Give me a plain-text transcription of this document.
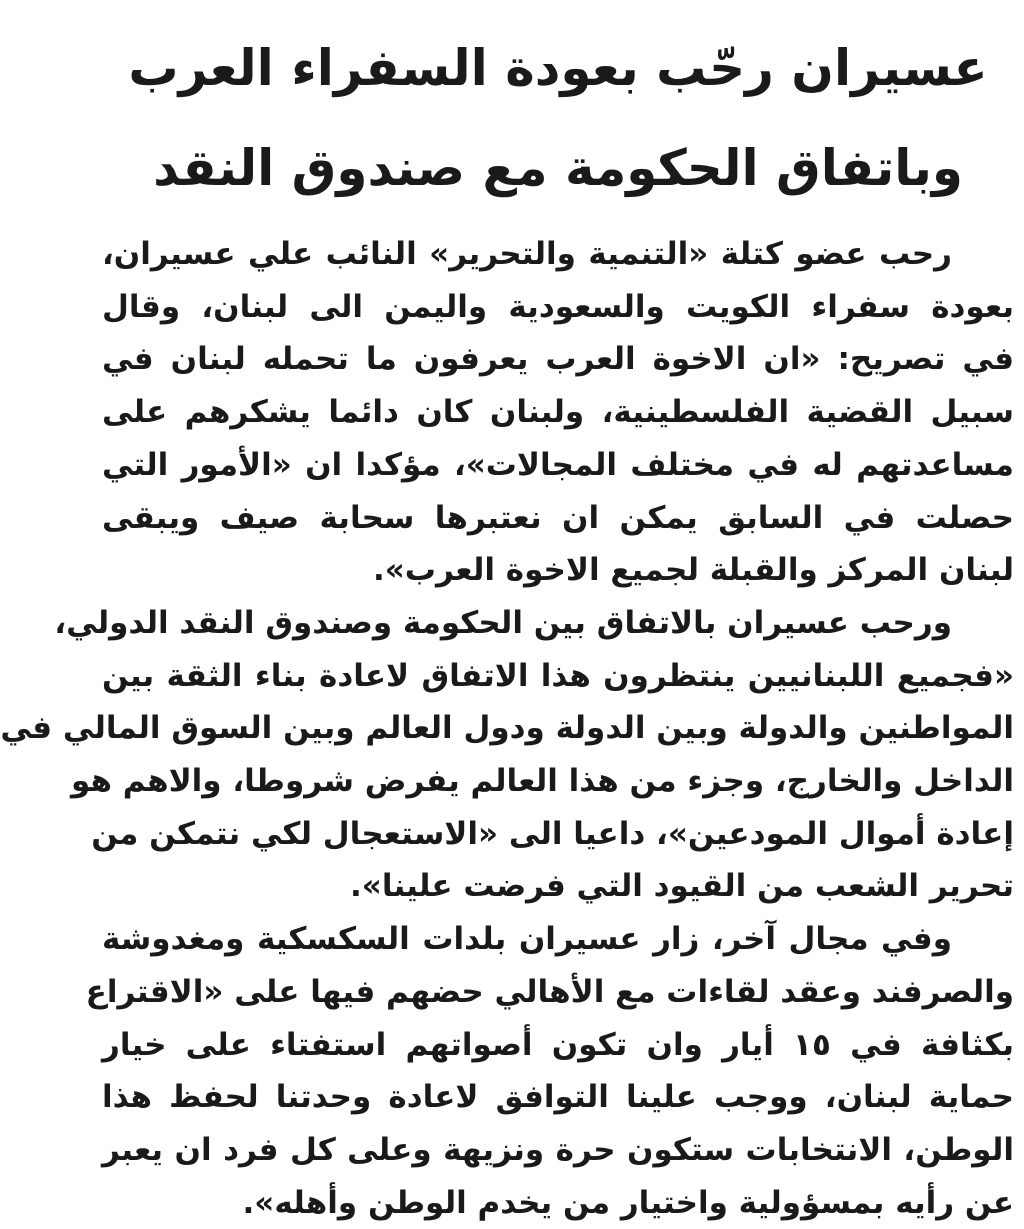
عسيران رحّب بعودة السفراء العرب
وباتفاق الحكومة مع صندوق النقد
رحب عضو كتلة «التنمية والتحرير» النائب علي عسيران،
بعودة سفراء الكويت والسعودية واليمن الى لبنان، وقال
في تصريح: «ان الاخوة العرب يعرفون ما تحمله لبنان في
سبيل القضية الفلسطينية، ولبنان كان دائما يشكرهم على
مساعدتهم له في مختلف المجالات»، مؤكدا ان «الأمور التي
حصلت في السابق يمكن ان نعتبرها سحابة صيف ويبقى
لبنان المركز والقبلة لجميع الاخوة العرب».
ورحب عسيران بالاتفاق بين الحكومة وصندوق النقد الدولي،
«فجميع اللبنانيين ينتظرون هذا الاتفاق لاعادة بناء الثقة بين
المواطنين والدولة وبين الدولة ودول العالم وبين السوق المالي في
الداخل والخارج، وجزء من هذا العالم يفرض شروطا، والاهم هو
إعادة أموال المودعين»، داعيا الى «الاستعجال لكي نتمكن من
تحرير الشعب من القيود التي فرضت علينا».
وفي مجال آخر، زار عسيران بلدات السكسكية ومغدوشة
والصرفند وعقد لقاءات مع الأهالي حضهم فيها على «الاقتراع
بكثافة في ١٥ أيار وان تكون أصواتهم استفتاء على خيار
حماية لبنان، ووجب علينا التوافق لاعادة وحدتنا لحفظ هذا
الوطن، الانتخابات ستكون حرة ونزيهة وعلى كل فرد ان يعبر
عن رأيه بمسؤولية واختيار من يخدم الوطن وأهله».
